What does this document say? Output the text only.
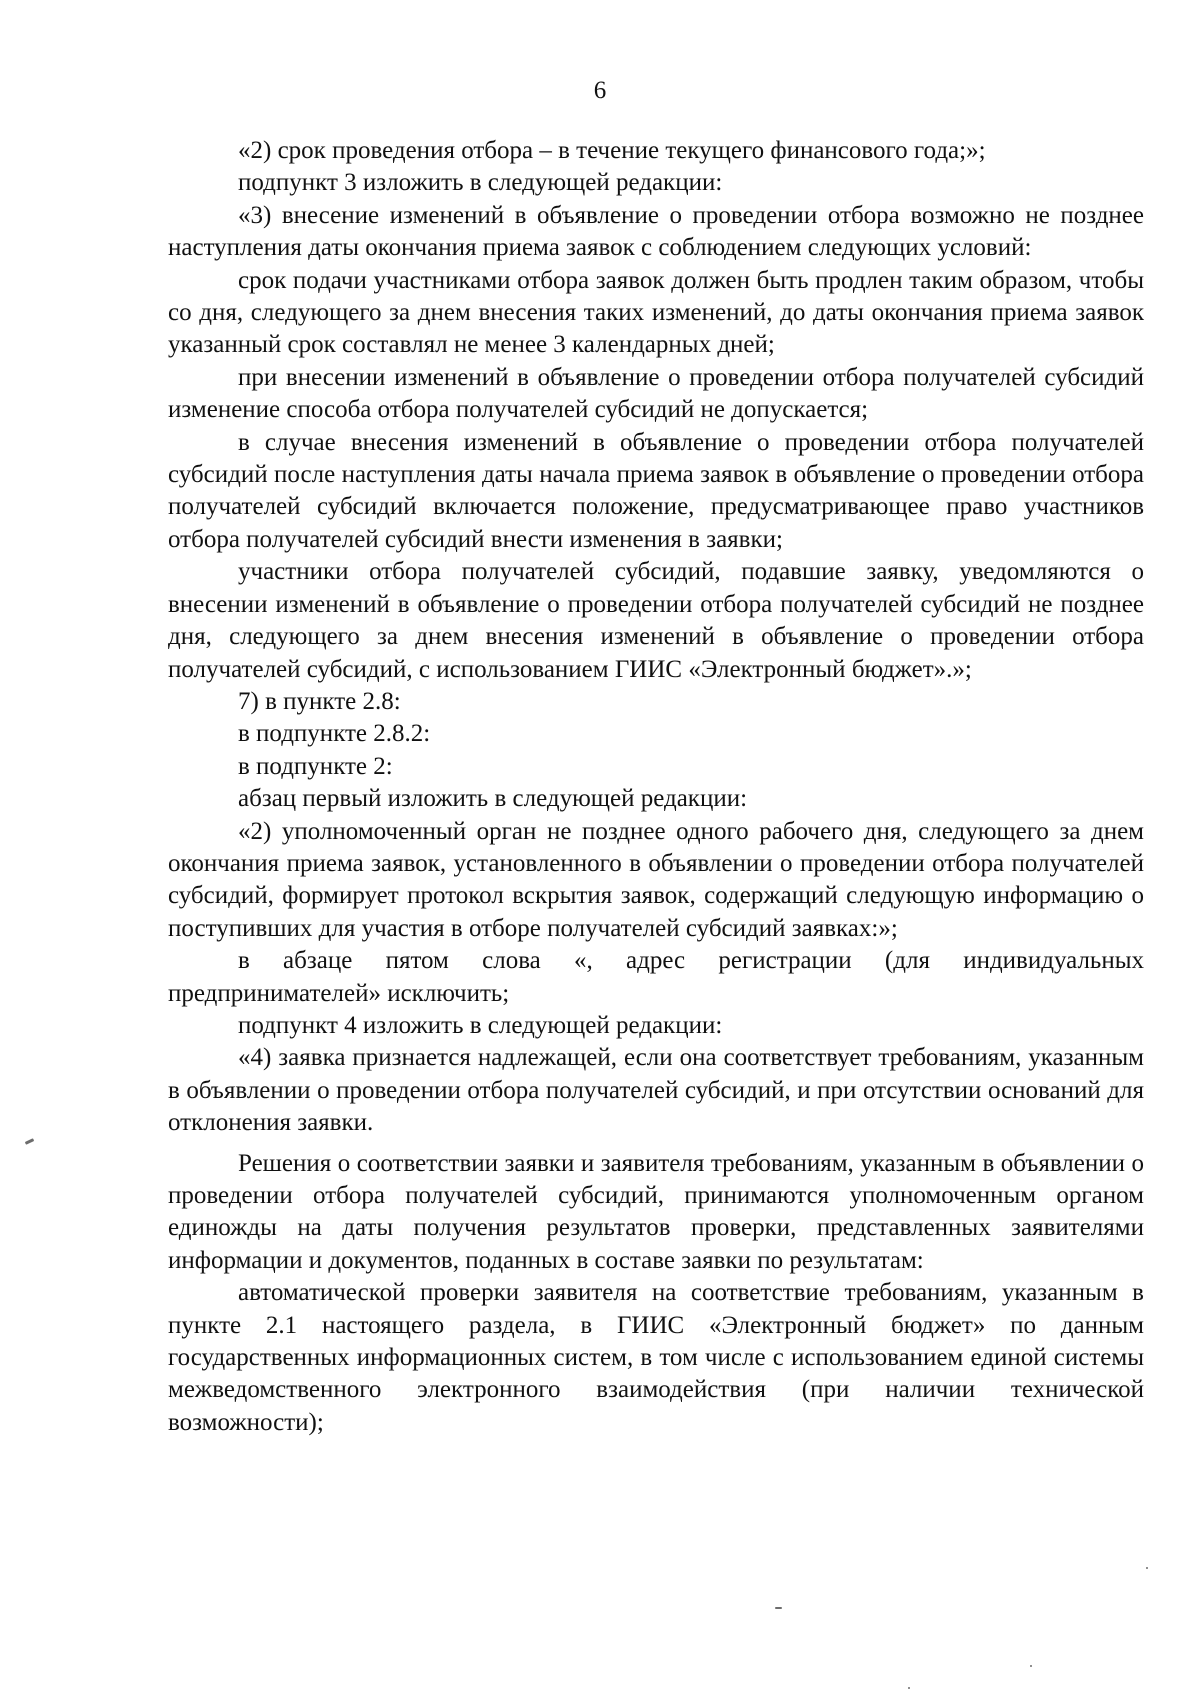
6

«2) срок проведения отбора – в течение текущего финансового года;»;

подпункт 3 изложить в следующей редакции:

«3) внесение изменений в объявление о проведении отбора возможно не позднее наступления даты окончания приема заявок с соблюдением следующих условий:

срок подачи участниками отбора заявок должен быть продлен таким образом, чтобы со дня, следующего за днем внесения таких изменений, до даты окончания приема заявок указанный срок составлял не менее 3 календарных дней;

при внесении изменений в объявление о проведении отбора получателей субсидий изменение способа отбора получателей субсидий не допускается;

в случае внесения изменений в объявление о проведении отбора получателей субсидий после наступления даты начала приема заявок в объявление о проведении отбора получателей субсидий включается положение, предусматривающее право участников отбора получателей субсидий внести изменения в заявки;

участники отбора получателей субсидий, подавшие заявку, уведомляются о внесении изменений в объявление о проведении отбора получателей субсидий не позднее дня, следующего за днем внесения изменений в объявление о проведении отбора получателей субсидий, с использованием ГИИС «Электронный бюджет».»;

7) в пункте 2.8:

в подпункте 2.8.2:

в подпункте 2:

абзац первый изложить в следующей редакции:

«2) уполномоченный орган не позднее одного рабочего дня, следующего за днем окончания приема заявок, установленного в объявлении о проведении отбора получателей субсидий, формирует протокол вскрытия заявок, содержащий следующую информацию о поступивших для участия в отборе получателей субсидий заявках:»;

в абзаце пятом слова «, адрес регистрации (для индивидуальных предпринимателей» исключить;

подпункт 4 изложить в следующей редакции:

«4) заявка признается надлежащей, если она соответствует требованиям, указанным в объявлении о проведении отбора получателей субсидий, и при отсутствии оснований для отклонения заявки.

Решения о соответствии заявки и заявителя требованиям, указанным в объявлении о проведении отбора получателей субсидий, принимаются уполномоченным органом единожды на даты получения результатов проверки, представленных заявителями информации и документов, поданных в составе заявки по результатам:

автоматической проверки заявителя на соответствие требованиям, указанным в пункте 2.1 настоящего раздела, в ГИИС «Электронный бюджет» по данным государственных информационных систем, в том числе с использованием единой системы межведомственного электронного взаимодействия (при наличии технической возможности);
